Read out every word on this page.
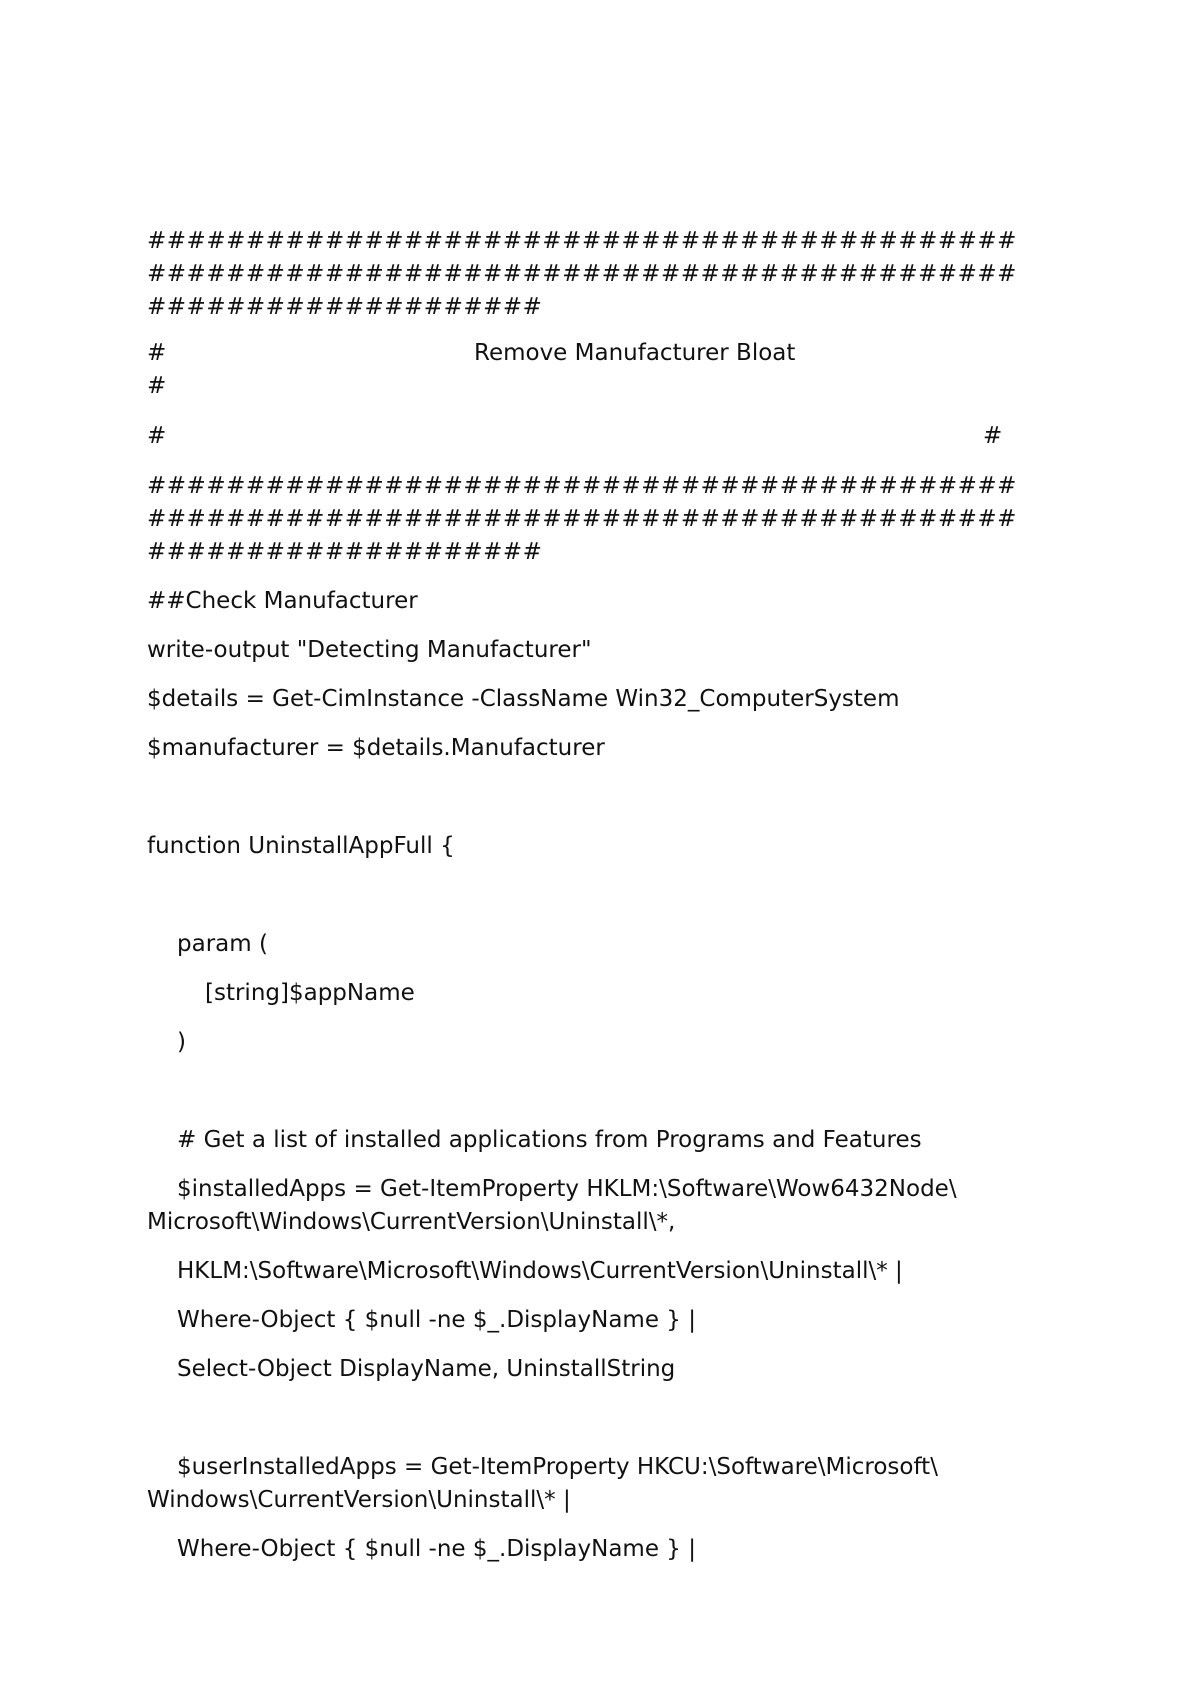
############################################

############################################

####################

#	Remove Manufacturer Bloat

#

#	#

############################################

############################################

####################

##Check Manufacturer

write-output "Detecting Manufacturer"

$details = Get-CimInstance -ClassName Win32_ComputerSystem

$manufacturer = $details.Manufacturer

function UninstallAppFull {

param (

[string]$appName

)

# Get a list of installed applications from Programs and Features

$installedApps = Get-ItemProperty HKLM:\Software\Wow6432Node\

Microsoft\Windows\CurrentVersion\Uninstall\*,

HKLM:\Software\Microsoft\Windows\CurrentVersion\Uninstall\* |

Where-Object { $null -ne $_.DisplayName } |

Select-Object DisplayName, UninstallString

$userInstalledApps = Get-ItemProperty HKCU:\Software\Microsoft\

Windows\CurrentVersion\Uninstall\* |

Where-Object { $null -ne $_.DisplayName } |
